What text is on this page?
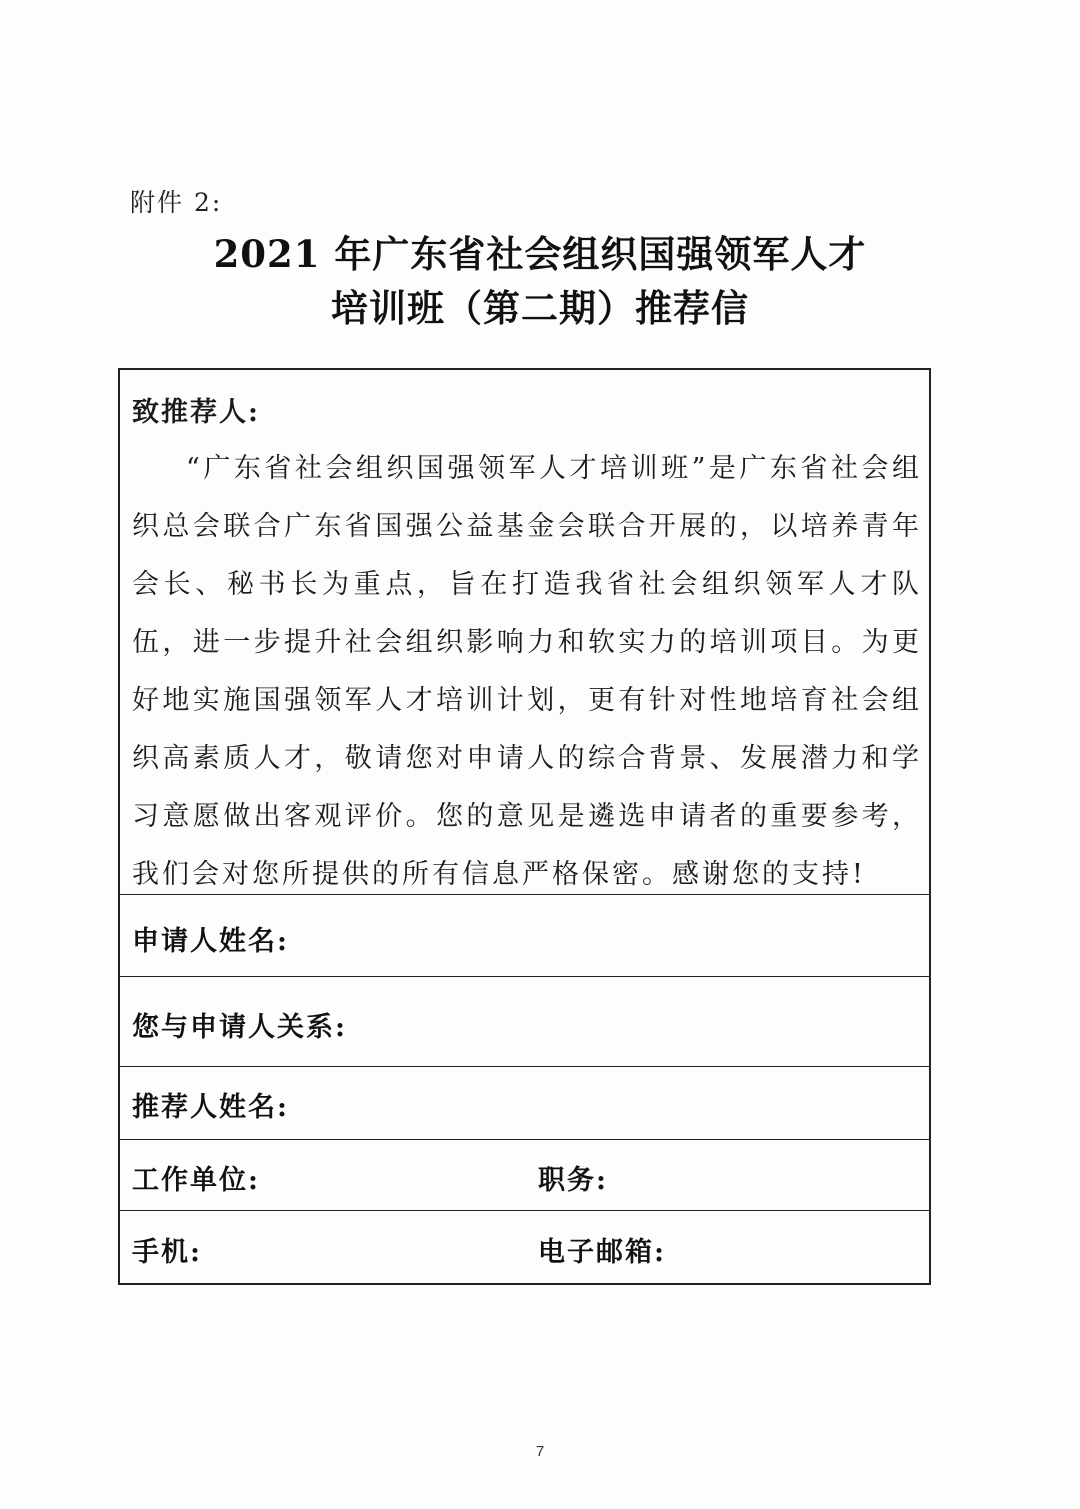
附件 2:
2021 年广东省社会组织国强领军人才
培训班（第二期）推荐信
致推荐人:
“广东省社会组织国强领军人才培训班”是广东省社会组织总会联合广东省国强公益基金会联合开展的，以培养青年会长、秘书长为重点，旨在打造我省社会组织领军人才队伍，进一步提升社会组织影响力和软实力的培训项目。为更好地实施国强领军人才培训计划，更有针对性地培育社会组织高素质人才，敬请您对申请人的综合背景、发展潜力和学习意愿做出客观评价。您的意见是遴选申请者的重要参考，我们会对您所提供的所有信息严格保密。感谢您的支持!
申请人姓名:
您与申请人关系:
推荐人姓名:
工作单位:	职务:
手机:	电子邮箱:
7
